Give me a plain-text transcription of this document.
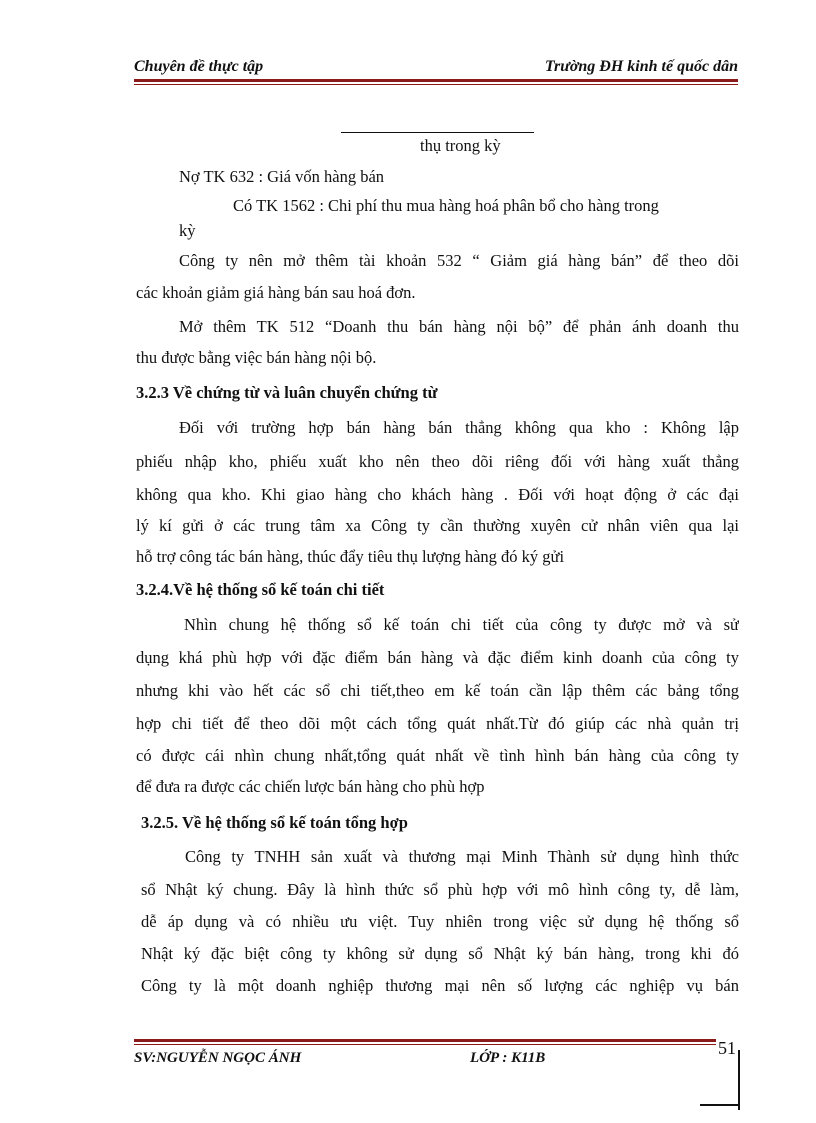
Chuyên đề thực tập	Trường ĐH kinh tế quốc dân
thụ trong kỳ
Nợ TK 632 : Giá vốn hàng bán
Có TK 1562 : Chi phí thu mua hàng hoá phân bổ cho hàng trong
kỳ
Công ty nên mở thêm tài khoản 532 “ Giảm giá hàng bán” để theo dõi
các khoản giảm giá hàng bán sau hoá đơn.
Mở thêm TK 512 “Doanh thu bán hàng nội bộ” để phản ánh doanh thu
thu được bằng việc bán hàng nội bộ.
3.2.3 Về chứng từ và luân chuyển chứng từ
Đối với trường hợp bán hàng bán thẳng không qua kho : Không lập
phiếu nhập kho, phiếu xuất kho nên theo dõi riêng đối với hàng xuất thẳng
không qua kho. Khi giao hàng cho khách hàng . Đối với hoạt động ở các đại
lý kí gửi ở các trung tâm xa Công ty cần thường xuyên cử nhân viên qua lại
hỗ trợ công tác bán hàng, thúc đẩy tiêu thụ lượng hàng đó ký gửi
3.2.4.Về hệ thống sổ kế toán chi tiết
Nhìn chung hệ thống sổ kế toán chi tiết của công ty được mở và sử
dụng khá phù hợp với đặc điểm bán hàng và đặc điểm kinh doanh của công ty
nhưng khi vào hết các sổ chi tiết,theo em kế toán cần lập thêm các bảng tổng
hợp chi tiết để theo dõi một cách tổng quát nhất.Từ đó giúp các nhà quản trị
có được cái nhìn chung nhất,tổng quát nhất về tình hình bán hàng của công ty
để đưa ra được các chiến lược bán hàng cho phù hợp
3.2.5. Về hệ thống sổ kế toán tổng hợp
Công ty TNHH sản xuất và thương mại Minh Thành sử dụng hình thức
sổ Nhật ký chung. Đây là hình thức sổ phù hợp với mô hình công ty, dễ làm,
dễ áp dụng và có nhiều ưu việt. Tuy nhiên trong việc sử dụng hệ thống sổ
Nhật ký đặc biệt công ty không sử dụng sổ Nhật ký bán hàng, trong khi đó
Công ty là một doanh nghiệp thương mại nên số lượng các nghiệp vụ bán
SV:NGUYỄN NGỌC ÁNH	LỚP : K11B	51
